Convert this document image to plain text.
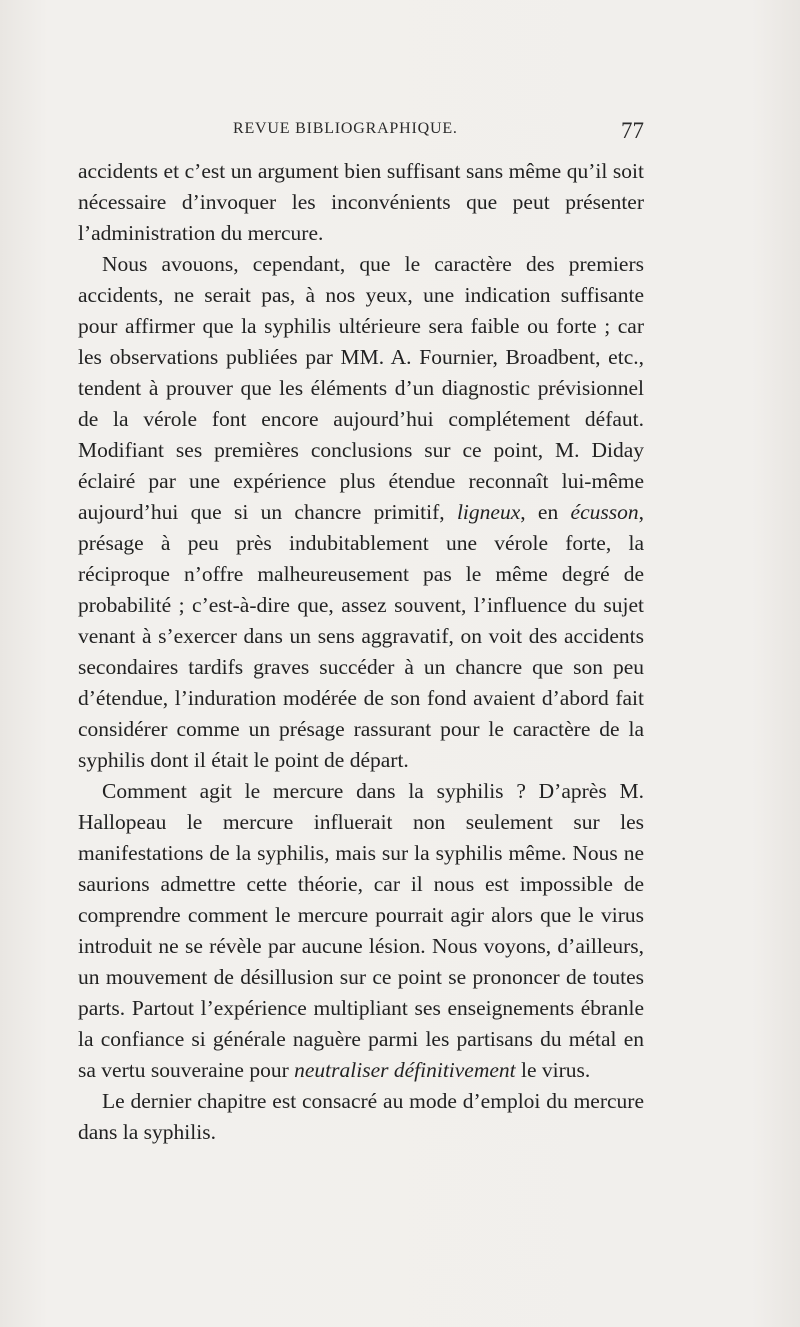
REVUE BIBLIOGRAPHIQUE.	77

accidents et c’est un argument bien suffisant sans même qu’il soit nécessaire d’invoquer les inconvénients que peut présenter l’administration du mercure.

Nous avouons, cependant, que le caractère des premiers accidents, ne serait pas, à nos yeux, une indication suffisante pour affirmer que la syphilis ultérieure sera faible ou forte ; car les observations publiées par MM. A. Fournier, Broadbent, etc., tendent à prouver que les éléments d’un diagnostic prévisionnel de la vérole font encore aujourd’hui complétement défaut. Modifiant ses premières conclusions sur ce point, M. Diday éclairé par une expérience plus étendue reconnaît lui-même aujourd’hui que si un chancre primitif, ligneux, en écusson, présage à peu près indubitablement une vérole forte, la réciproque n’offre malheureusement pas le même degré de probabilité ; c’est-à-dire que, assez souvent, l’influence du sujet venant à s’exercer dans un sens aggravatif, on voit des accidents secondaires tardifs graves succéder à un chancre que son peu d’étendue, l’induration modérée de son fond avaient d’abord fait considérer comme un présage rassurant pour le caractère de la syphilis dont il était le point de départ.

Comment agit le mercure dans la syphilis ? D’après M. Hallopeau le mercure influerait non seulement sur les manifestations de la syphilis, mais sur la syphilis même. Nous ne saurions admettre cette théorie, car il nous est impossible de comprendre comment le mercure pourrait agir alors que le virus introduit ne se révèle par aucune lésion. Nous voyons, d’ailleurs, un mouvement de désillusion sur ce point se prononcer de toutes parts. Partout l’expérience multipliant ses enseignements ébranle la confiance si générale naguère parmi les partisans du métal en sa vertu souveraine pour neutraliser définitivement le virus.

Le dernier chapitre est consacré au mode d’emploi du mercure dans la syphilis.
